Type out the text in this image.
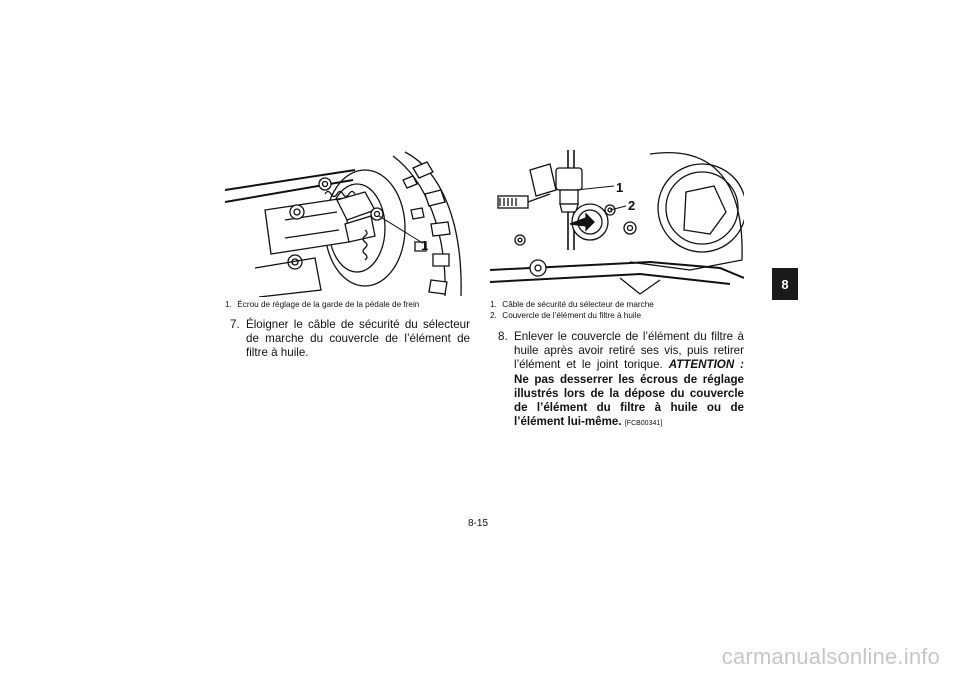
1
1. Écrou de réglage de la garde de la pédale de frein
7. Éloigner le câble de sécurité du sélecteur de marche du couvercle de l’élément de filtre à huile.
1
2
1. Câble de sécurité du sélecteur de marche
2. Couvercle de l’élément du filtre à huile
8. Enlever le couvercle de l’élément du filtre à huile après avoir retiré ses vis, puis retirer l’élément et le joint torique. ATTENTION : Ne pas desserrer les écrous de réglage illustrés lors de la dépose du couvercle de l’élément du filtre à huile ou de l’élément lui-même. [FCB00341]
8
8-15
carmanualsonline.info
